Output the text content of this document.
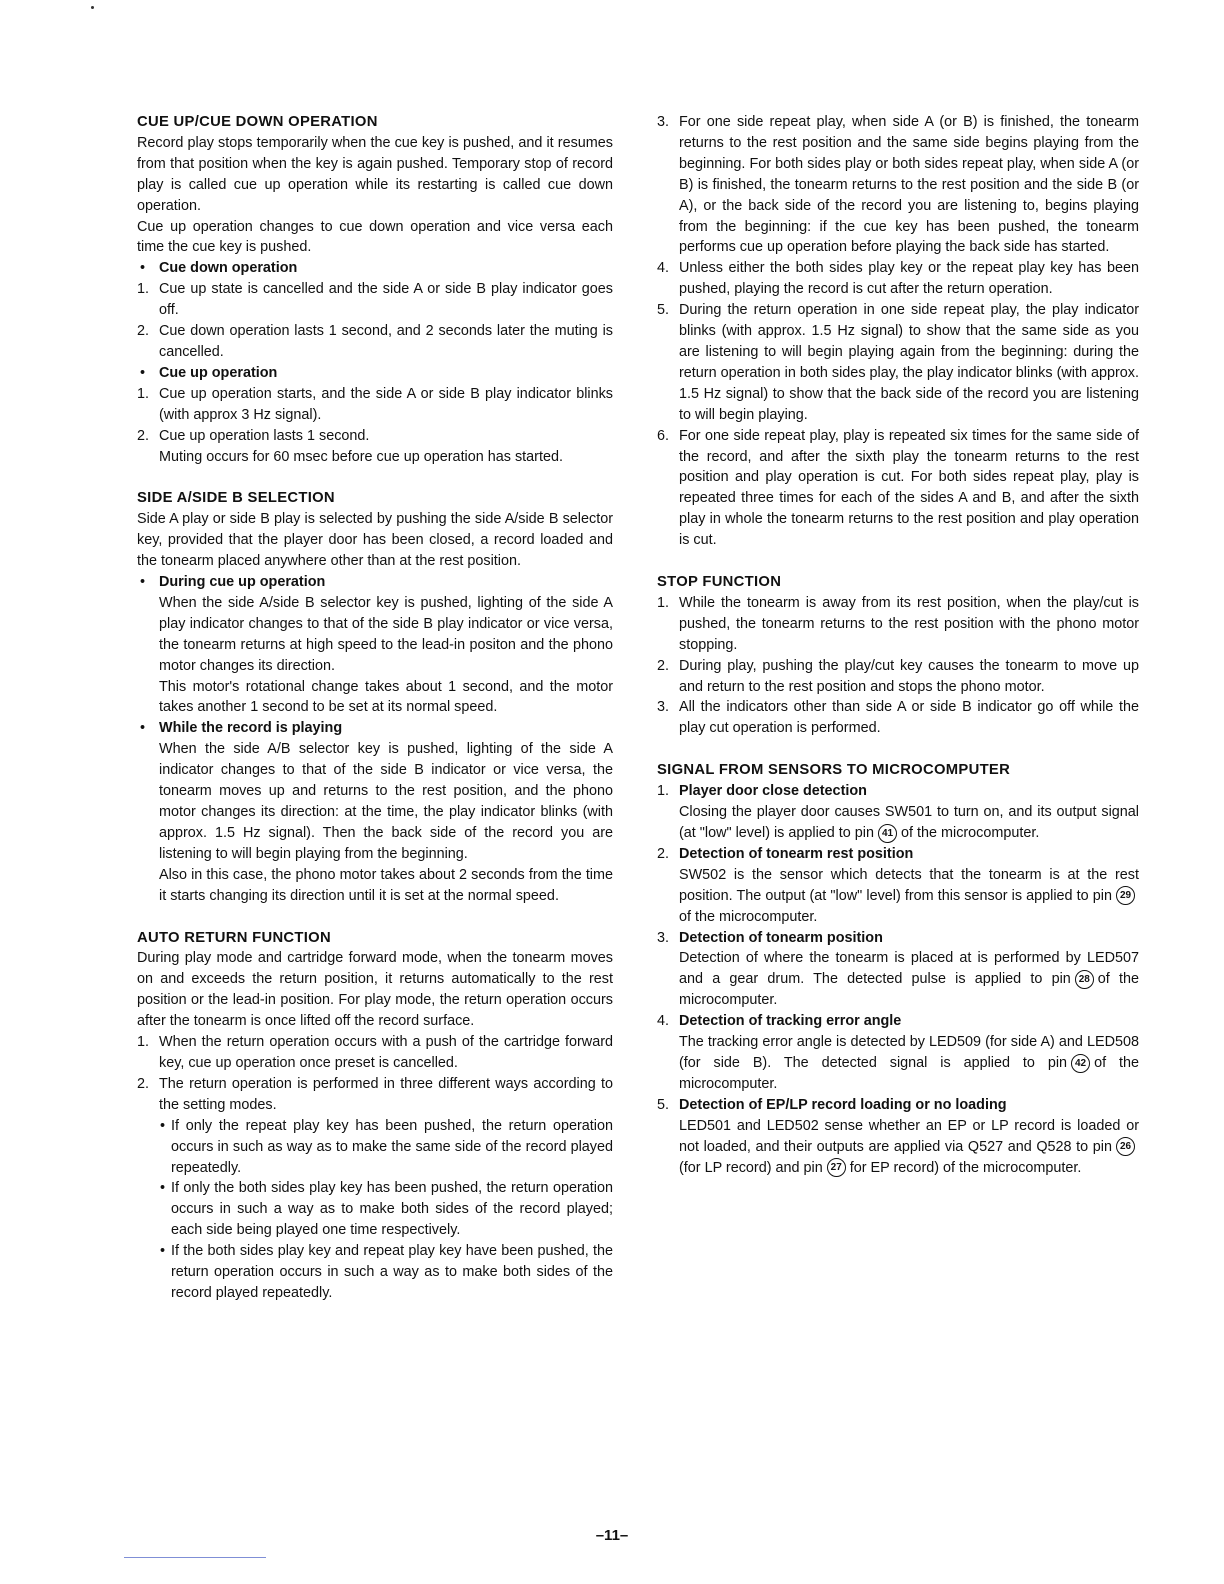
CUE UP/CUE DOWN OPERATION

Record play stops temporarily when the cue key is pushed, and it resumes from that position when the key is again pushed. Temporary stop of record play is called cue up operation while its restarting is called cue down operation.

Cue up operation changes to cue down operation and vice versa each time the cue key is pushed.

• Cue down operation
1. Cue up state is cancelled and the side A or side B play indicator goes off.
2. Cue down operation lasts 1 second, and 2 seconds later the muting is cancelled.
• Cue up operation
1. Cue up operation starts, and the side A or side B play indicator blinks (with approx 3 Hz signal).
2. Cue up operation lasts 1 second.

Muting occurs for 60 msec before cue up operation has started.

SIDE A/SIDE B SELECTION

Side A play or side B play is selected by pushing the side A/side B selector key, provided that the player door has been closed, a record loaded and the tonearm placed anywhere other than at the rest position.

• During cue up operation

When the side A/side B selector key is pushed, lighting of the side A play indicator changes to that of the side B play indicator or vice versa, the tonearm returns at high speed to the lead-in positon and the phono motor changes its direction.

This motor's rotational change takes about 1 second, and the motor takes another 1 second to be set at its normal speed.

• While the record is playing

When the side A/B selector key is pushed, lighting of the side A indicator changes to that of the side B indicator or vice versa, the tonearm moves up and returns to the rest position, and the phono motor changes its direction: at the time, the play indicator blinks (with approx. 1.5 Hz signal). Then the back side of the record you are listening to will begin playing from the beginning.

Also in this case, the phono motor takes about 2 seconds from the time it starts changing its direction until it is set at the normal speed.

AUTO RETURN FUNCTION

During play mode and cartridge forward mode, when the tonearm moves on and exceeds the return position, it returns automatically to the rest position or the lead-in position. For play mode, the return operation occurs after the tonearm is once lifted off the record surface.

1. When the return operation occurs with a push of the cartridge forward key, cue up operation once preset is cancelled.
2. The return operation is performed in three different ways according to the setting modes.
• If only the repeat play key has been pushed, the return operation occurs in such as way as to make the same side of the record played repeatedly.
• If only the both sides play key has been pushed, the return operation occurs in such a way as to make both sides of the record played; each side being played one time respectively.
• If the both sides play key and repeat play key have been pushed, the return operation occurs in such a way as to make both sides of the record played repeatedly.
3. For one side repeat play, when side A (or B) is finished, the tonearm returns to the rest position and the same side begins playing from the beginning. For both sides play or both sides repeat play, when side A (or B) is finished, the tonearm returns to the rest position and the side B (or A), or the back side of the record you are listening to, begins playing from the beginning: if the cue key has been pushed, the tonearm performs cue up operation before playing the back side has started.
4. Unless either the both sides play key or the repeat play key has been pushed, playing the record is cut after the return operation.
5. During the return operation in one side repeat play, the play indicator blinks (with approx. 1.5 Hz signal) to show that the same side as you are listening to will begin playing again from the beginning: during the return operation in both sides play, the play indicator blinks (with approx. 1.5 Hz signal) to show that the back side of the record you are listening to will begin playing.
6. For one side repeat play, play is repeated six times for the same side of the record, and after the sixth play the tonearm returns to the rest position and play operation is cut. For both sides repeat play, play is repeated three times for each of the sides A and B, and after the sixth play in whole the tonearm returns to the rest position and play operation is cut.
STOP FUNCTION
1. While the tonearm is away from its rest position, when the play/cut is pushed, the tonearm returns to the rest position with the phono motor stopping.
2. During play, pushing the play/cut key causes the tonearm to move up and return to the rest position and stops the phono motor.
3. All the indicators other than side A or side B indicator go off while the play cut operation is performed.
SIGNAL FROM SENSORS TO MICROCOMPUTER
1. Player door close detection

Closing the player door causes SW501 to turn on, and its output signal (at "low" level) is applied to pin 41 of the microcomputer.

2. Detection of tonearm rest position

SW502 is the sensor which detects that the tonearm is at the rest position. The output (at "low" level) from this sensor is applied to pin 29of the microcomputer.

3. Detection of tonearm position

Detection of where the tonearm is placed at is performed by LED507 and a gear drum. The detected pulse is applied to pin 28 of the microcomputer.

4. Detection of tracking error angle

The tracking error angle is detected by LED509 (for side A) and LED508 (for side B). The detected signal is applied to pin 42 of the microcomputer.

5. Detection of EP/LP record loading or no loading

LED501 and LED502 sense whether an EP or LP record is loaded or not loaded, and their outputs are applied via Q527 and Q528 to pin 26(for LP record) and pin 27 for EP record) of the microcomputer.

–11–
